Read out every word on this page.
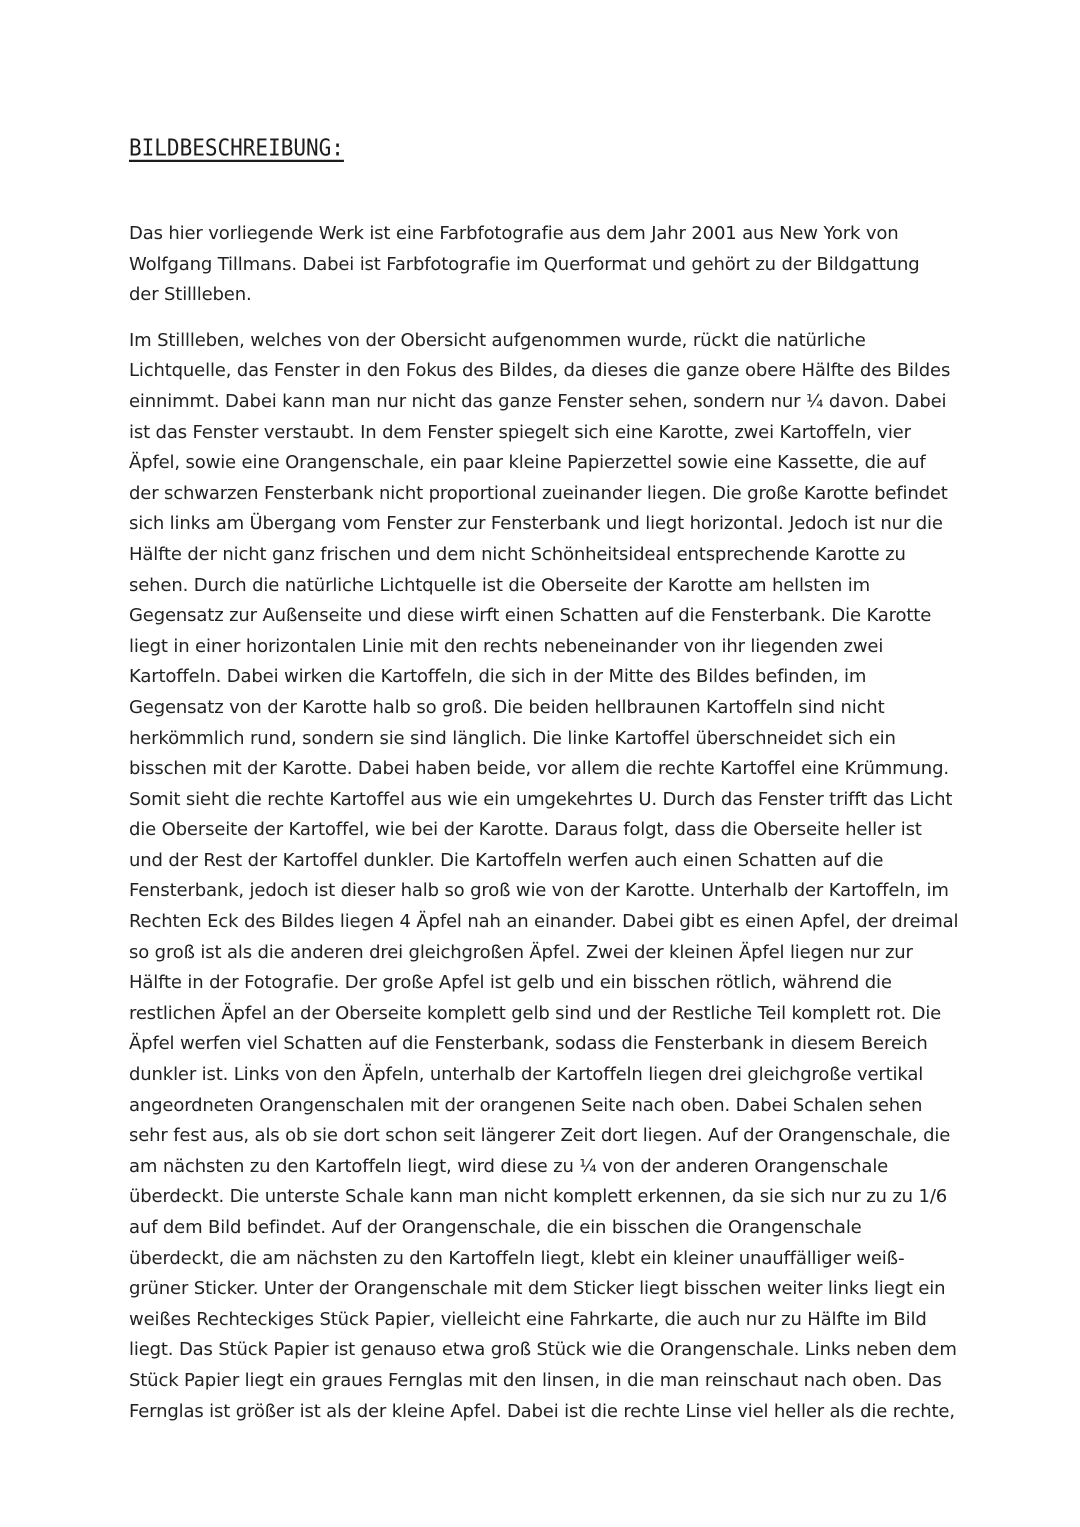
BILDBESCHREIBUNG:

Das hier vorliegende Werk ist eine Farbfotografie aus dem Jahr 2001 aus New York von
Wolfgang Tillmans. Dabei ist Farbfotografie im Querformat und gehört zu der Bildgattung
der Stillleben.

Im Stillleben, welches von der Obersicht aufgenommen wurde, rückt die natürliche
Lichtquelle, das Fenster in den Fokus des Bildes, da dieses die ganze obere Hälfte des Bildes
einnimmt. Dabei kann man nur nicht das ganze Fenster sehen, sondern nur ¼ davon. Dabei
ist das Fenster verstaubt. In dem Fenster spiegelt sich eine Karotte, zwei Kartoffeln, vier
Äpfel, sowie eine Orangenschale, ein paar kleine Papierzettel sowie eine Kassette, die auf
der schwarzen Fensterbank nicht proportional zueinander liegen. Die große Karotte befindet
sich links am Übergang vom Fenster zur Fensterbank und liegt horizontal. Jedoch ist nur die
Hälfte der nicht ganz frischen und dem nicht Schönheitsideal entsprechende Karotte zu
sehen. Durch die natürliche Lichtquelle ist die Oberseite der Karotte am hellsten im
Gegensatz zur Außenseite und diese wirft einen Schatten auf die Fensterbank. Die Karotte
liegt in einer horizontalen Linie mit den rechts nebeneinander von ihr liegenden zwei
Kartoffeln. Dabei wirken die Kartoffeln, die sich in der Mitte des Bildes befinden, im
Gegensatz von der Karotte halb so groß. Die beiden hellbraunen Kartoffeln sind nicht
herkömmlich rund, sondern sie sind länglich. Die linke Kartoffel überschneidet sich ein
bisschen mit der Karotte. Dabei haben beide, vor allem die rechte Kartoffel eine Krümmung.
Somit sieht die rechte Kartoffel aus wie ein umgekehrtes U. Durch das Fenster trifft das Licht
die Oberseite der Kartoffel, wie bei der Karotte. Daraus folgt, dass die Oberseite heller ist
und der Rest der Kartoffel dunkler. Die Kartoffeln werfen auch einen Schatten auf die
Fensterbank, jedoch ist dieser halb so groß wie von der Karotte. Unterhalb der Kartoffeln, im
Rechten Eck des Bildes liegen 4 Äpfel nah an einander. Dabei gibt es einen Apfel, der dreimal
so groß ist als die anderen drei gleichgroßen Äpfel. Zwei der kleinen Äpfel liegen nur zur
Hälfte in der Fotografie. Der große Apfel ist gelb und ein bisschen rötlich, während die
restlichen Äpfel an der Oberseite komplett gelb sind und der Restliche Teil komplett rot. Die
Äpfel werfen viel Schatten auf die Fensterbank, sodass die Fensterbank in diesem Bereich
dunkler ist. Links von den Äpfeln, unterhalb der Kartoffeln liegen drei gleichgroße vertikal
angeordneten Orangenschalen mit der orangenen Seite nach oben. Dabei Schalen sehen
sehr fest aus, als ob sie dort schon seit längerer Zeit dort liegen. Auf der Orangenschale, die
am nächsten zu den Kartoffeln liegt, wird diese zu ¼ von der anderen Orangenschale
überdeckt. Die unterste Schale kann man nicht komplett erkennen, da sie sich nur zu zu 1/6
auf dem Bild befindet. Auf der Orangenschale, die ein bisschen die Orangenschale
überdeckt, die am nächsten zu den Kartoffeln liegt, klebt ein kleiner unauffälliger weiß-
grüner Sticker. Unter der Orangenschale mit dem Sticker liegt bisschen weiter links liegt ein
weißes Rechteckiges Stück Papier, vielleicht eine Fahrkarte, die auch nur zu Hälfte im Bild
liegt. Das Stück Papier ist genauso etwa groß Stück wie die Orangenschale. Links neben dem
Stück Papier liegt ein graues Fernglas mit den linsen, in die man reinschaut nach oben. Das
Fernglas ist größer ist als der kleine Apfel. Dabei ist die rechte Linse viel heller als die rechte,
